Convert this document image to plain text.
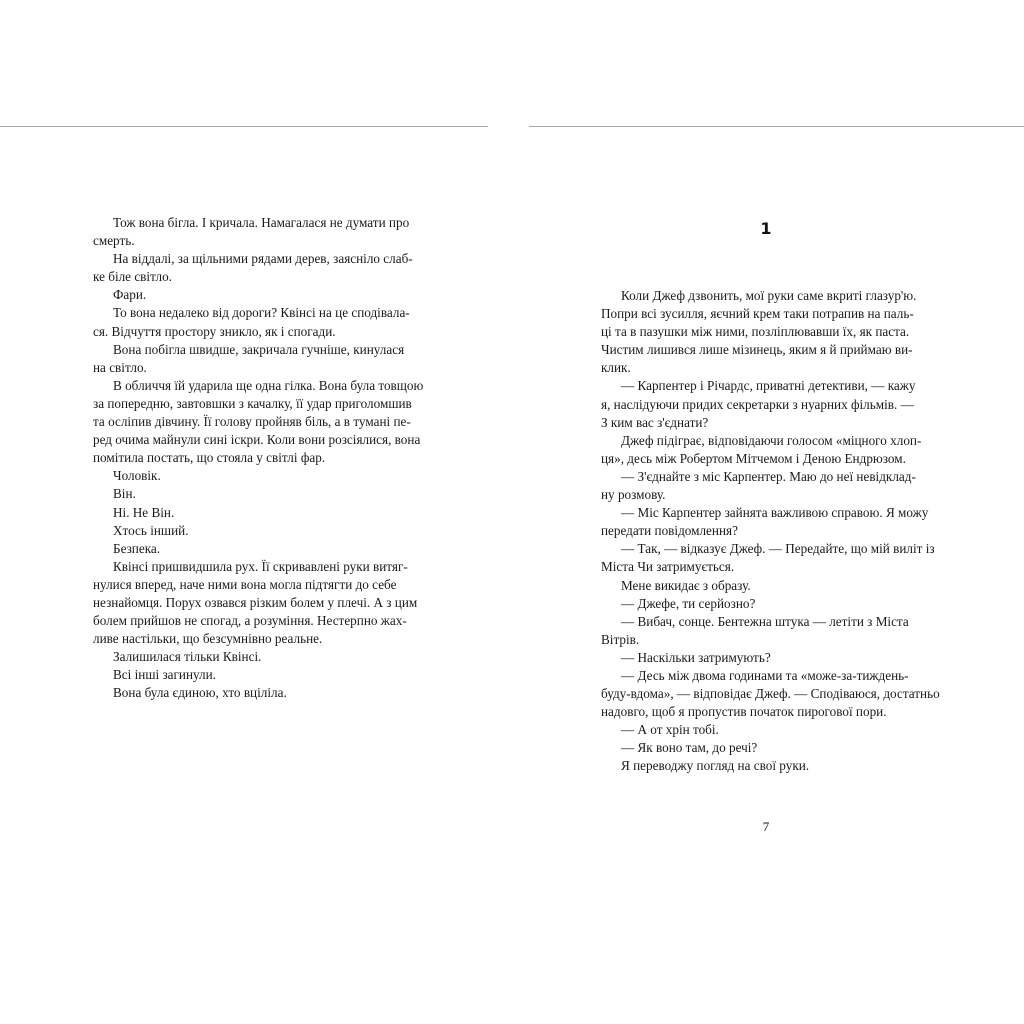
Тож вона бігла. І кричала. Намагалася не думати про
смерть.
На віддалі, за щільними рядами дерев, заясніло слаб-
ке біле світло.
Фари.
То вона недалеко від дороги? Квінсі на це сподівала-
ся. Відчуття простору зникло, як і спогади.
Вона побігла швидше, закричала гучніше, кинулася
на світло.
В обличчя їй ударила ще одна гілка. Вона була товщою
за попередню, завтовшки з качалку, її удар приголомшив
та осліпив дівчину. Її голову пройняв біль, а в тумані пе-
ред очима майнули сині іскри. Коли вони розсіялися, вона
помітила постать, що стояла у світлі фар.
Чоловік.
Він.
Ні. Не Він.
Хтось інший.
Безпека.
Квінсі пришвидшила рух. Її скривавлені руки витяг-
нулися вперед, наче ними вона могла підтягти до себе
незнайомця. Порух озвався різким болем у плечі. А з цим
болем прийшов не спогад, а розуміння. Нестерпно жах-
ливе настільки, що безсумнівно реальне.
Залишилася тільки Квінсі.
Всі інші загинули.
Вона була єдиною, хто вціліла.
1
Коли Джеф дзвонить, мої руки саме вкриті глазур'ю.
Попри всі зусилля, яєчний крем таки потрапив на паль-
ці та в пазушки між ними, позліплювавши їх, як паста.
Чистим лишився лише мізинець, яким я й приймаю ви-
клик.
— Карпентер і Річардс, приватні детективи, — кажу
я, наслідуючи придих секретарки з нуарних фільмів. —
З ким вас з'єднати?
Джеф підіграє, відповідаючи голосом «міцного хлоп-
ця», десь між Робертом Мітчемом і Деною Ендрюзом.
— З'єднайте з міс Карпентер. Маю до неї невідклад-
ну розмову.
— Міс Карпентер зайнята важливою справою. Я можу
передати повідомлення?
— Так, — відказує Джеф. — Передайте, що мій виліт із
Міста Чи затримується.
Мене викидає з образу.
— Джефе, ти серйозно?
— Вибач, сонце. Бентежна штука — летіти з Міста
Вітрів.
— Наскільки затримують?
— Десь між двома годинами та «може-за-тиждень-
буду-вдома», — відповідає Джеф. — Сподіваюся, достатньо
надовго, щоб я пропустив початок пирогової пори.
— А от хрін тобі.
— Як воно там, до речі?
Я переводжу погляд на свої руки.
7
